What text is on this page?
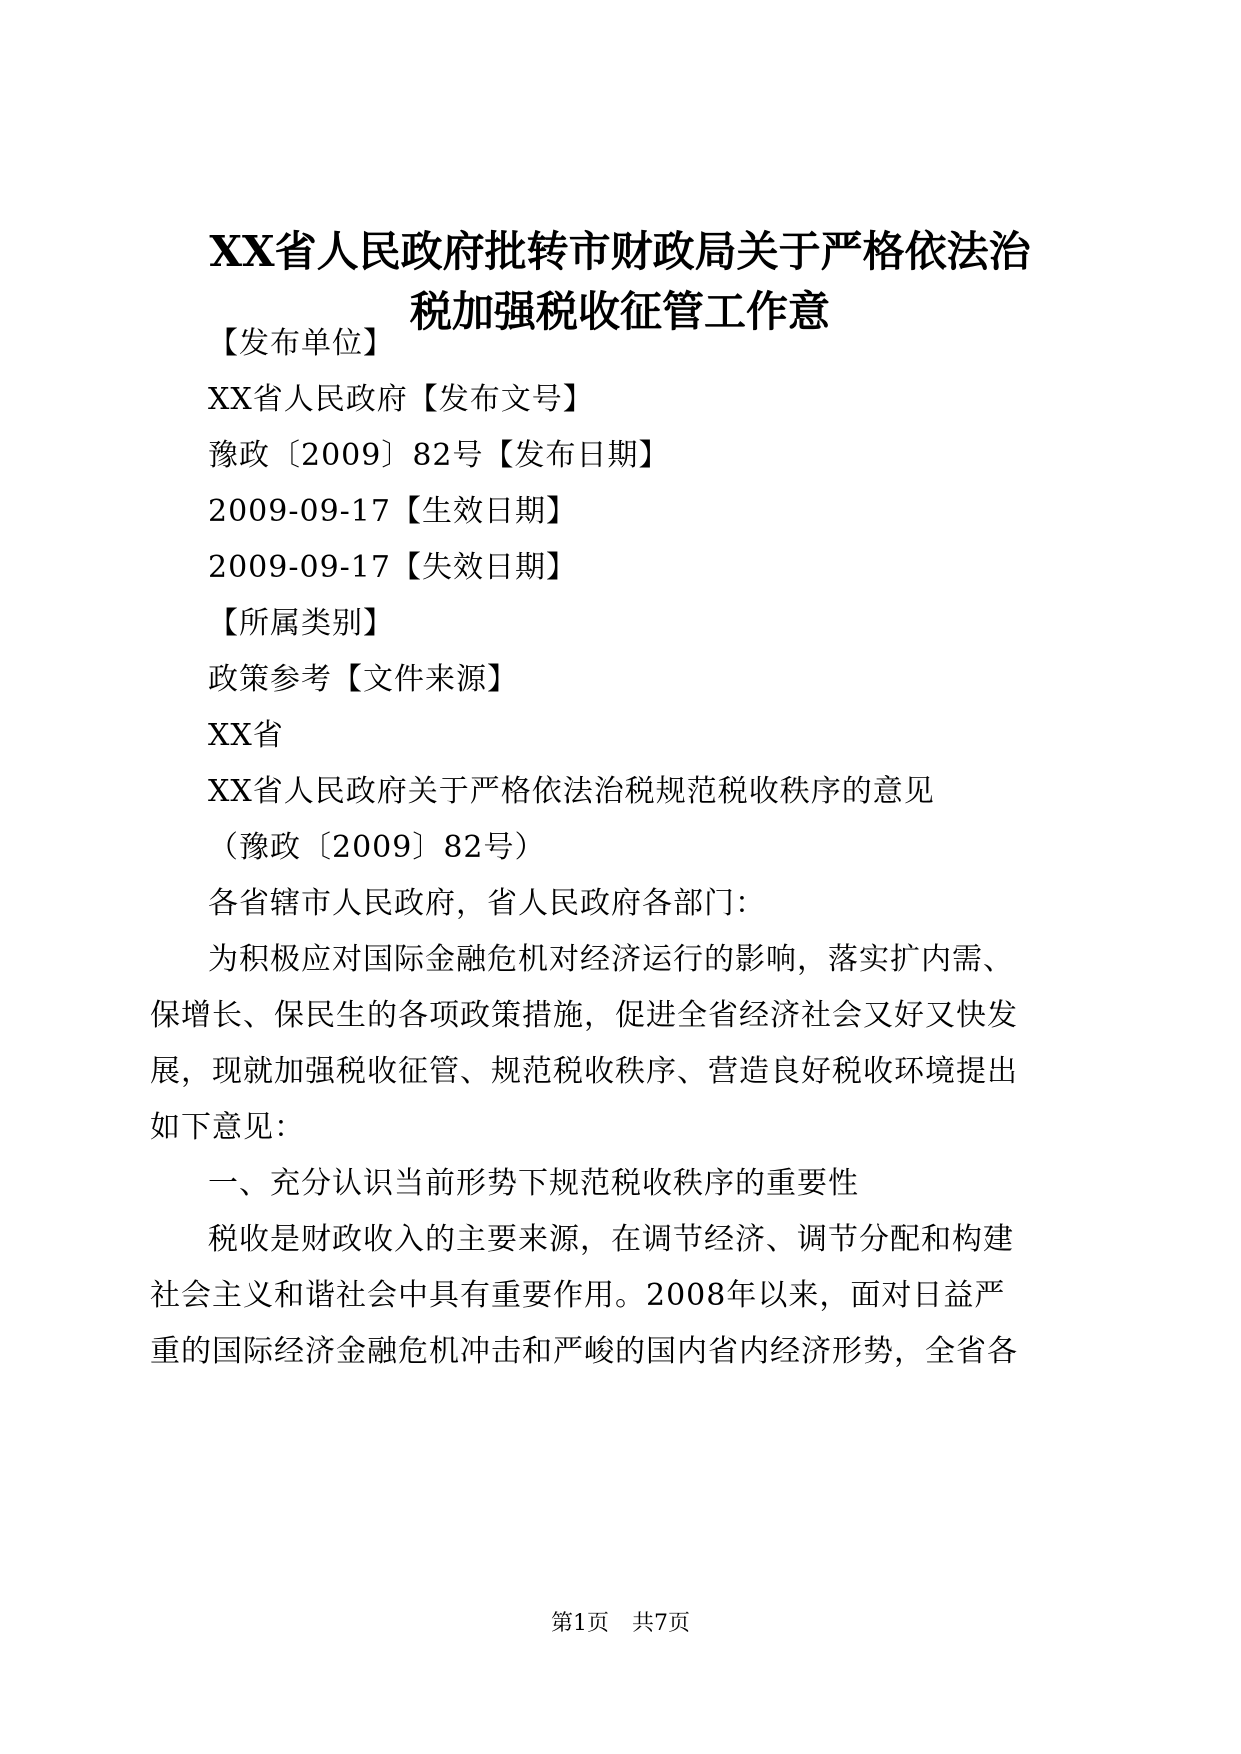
XX省人民政府批转市财政局关于严格依法治
税加强税收征管工作意
【发布单位】
XX省人民政府【发布文号】
豫政〔2009〕82号【发布日期】
2009-09-17【生效日期】
2009-09-17【失效日期】
【所属类别】
政策参考【文件来源】
XX省
XX省人民政府关于严格依法治税规范税收秩序的意见
（豫政〔2009〕82号）
各省辖市人民政府，省人民政府各部门：
为积极应对国际金融危机对经济运行的影响，落实扩内需、
保增长、保民生的各项政策措施，促进全省经济社会又好又快发
展，现就加强税收征管、规范税收秩序、营造良好税收环境提出
如下意见：
一、充分认识当前形势下规范税收秩序的重要性
税收是财政收入的主要来源，在调节经济、调节分配和构建
社会主义和谐社会中具有重要作用。2008年以来，面对日益严
重的国际经济金融危机冲击和严峻的国内省内经济形势，全省各
第1页 共7页
